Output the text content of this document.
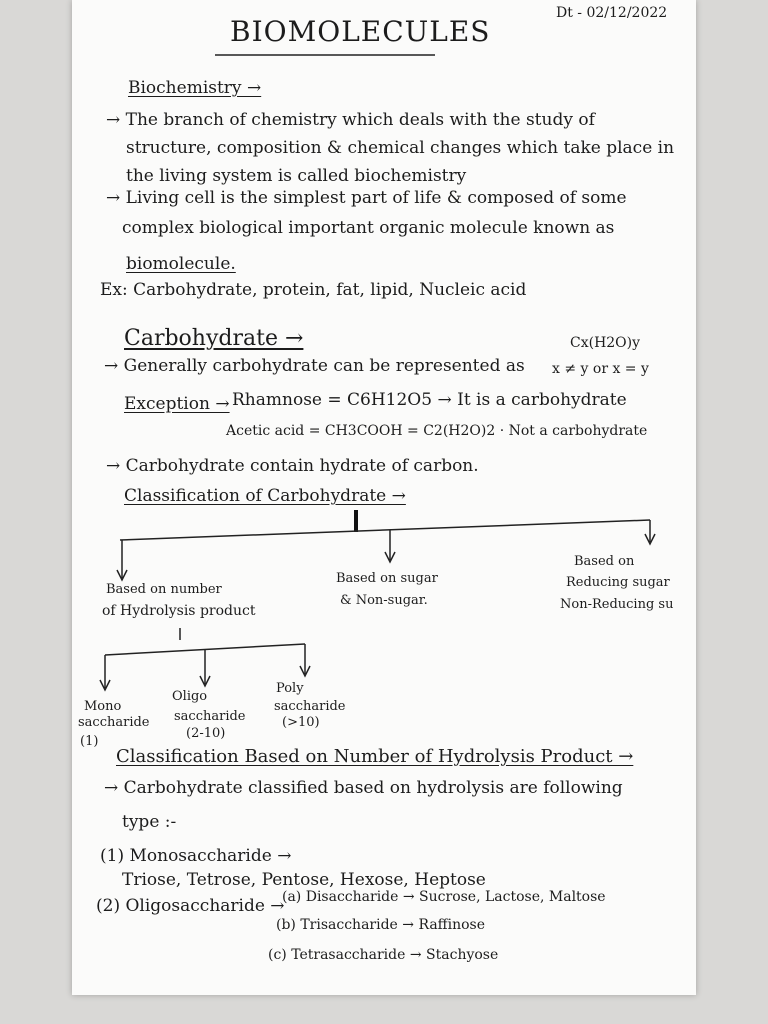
BIOMOLECULES
Dt - 02/12/2022
Biochemistry →
→ The branch of chemistry which deals with the study of
structure, composition & chemical changes which take place in
the living system is called biochemistry
→ Living cell is the simplest part of life & composed of some
complex biological important organic molecule known as
biomolecule.
Ex: Carbohydrate, protein, fat, lipid, Nucleic acid
Carbohydrate →
→ Generally carbohydrate can be represented as
Cx(H2O)y
x ≠ y or x = y
Exception → Rhamnose = C6H12O5 → It is a carbohydrate
Acetic acid = CH3COOH = C2(H2O)2 · Not a carbohydrate
→ Carbohydrate contain hydrate of carbon.
Classification of Carbohydrate →
Based on number
of Hydrolysis product
Based on sugar
& Non-sugar.
Based on
Reducing sugar
Non-Reducing su
Mono
saccharide
(1)
Oligo
saccharide
(2-10)
Poly
saccharide
(>10)
Classification Based on Number of Hydrolysis Product →
→ Carbohydrate classified based on hydrolysis are following
type :-
(1) Monosaccharide →
Triose, Tetrose, Pentose, Hexose, Heptose
(2) Oligosaccharide →
(a) Disaccharide → Sucrose, Lactose, Maltose
(b) Trisaccharide → Raffinose
(c) Tetrasaccharide → Stachyose
